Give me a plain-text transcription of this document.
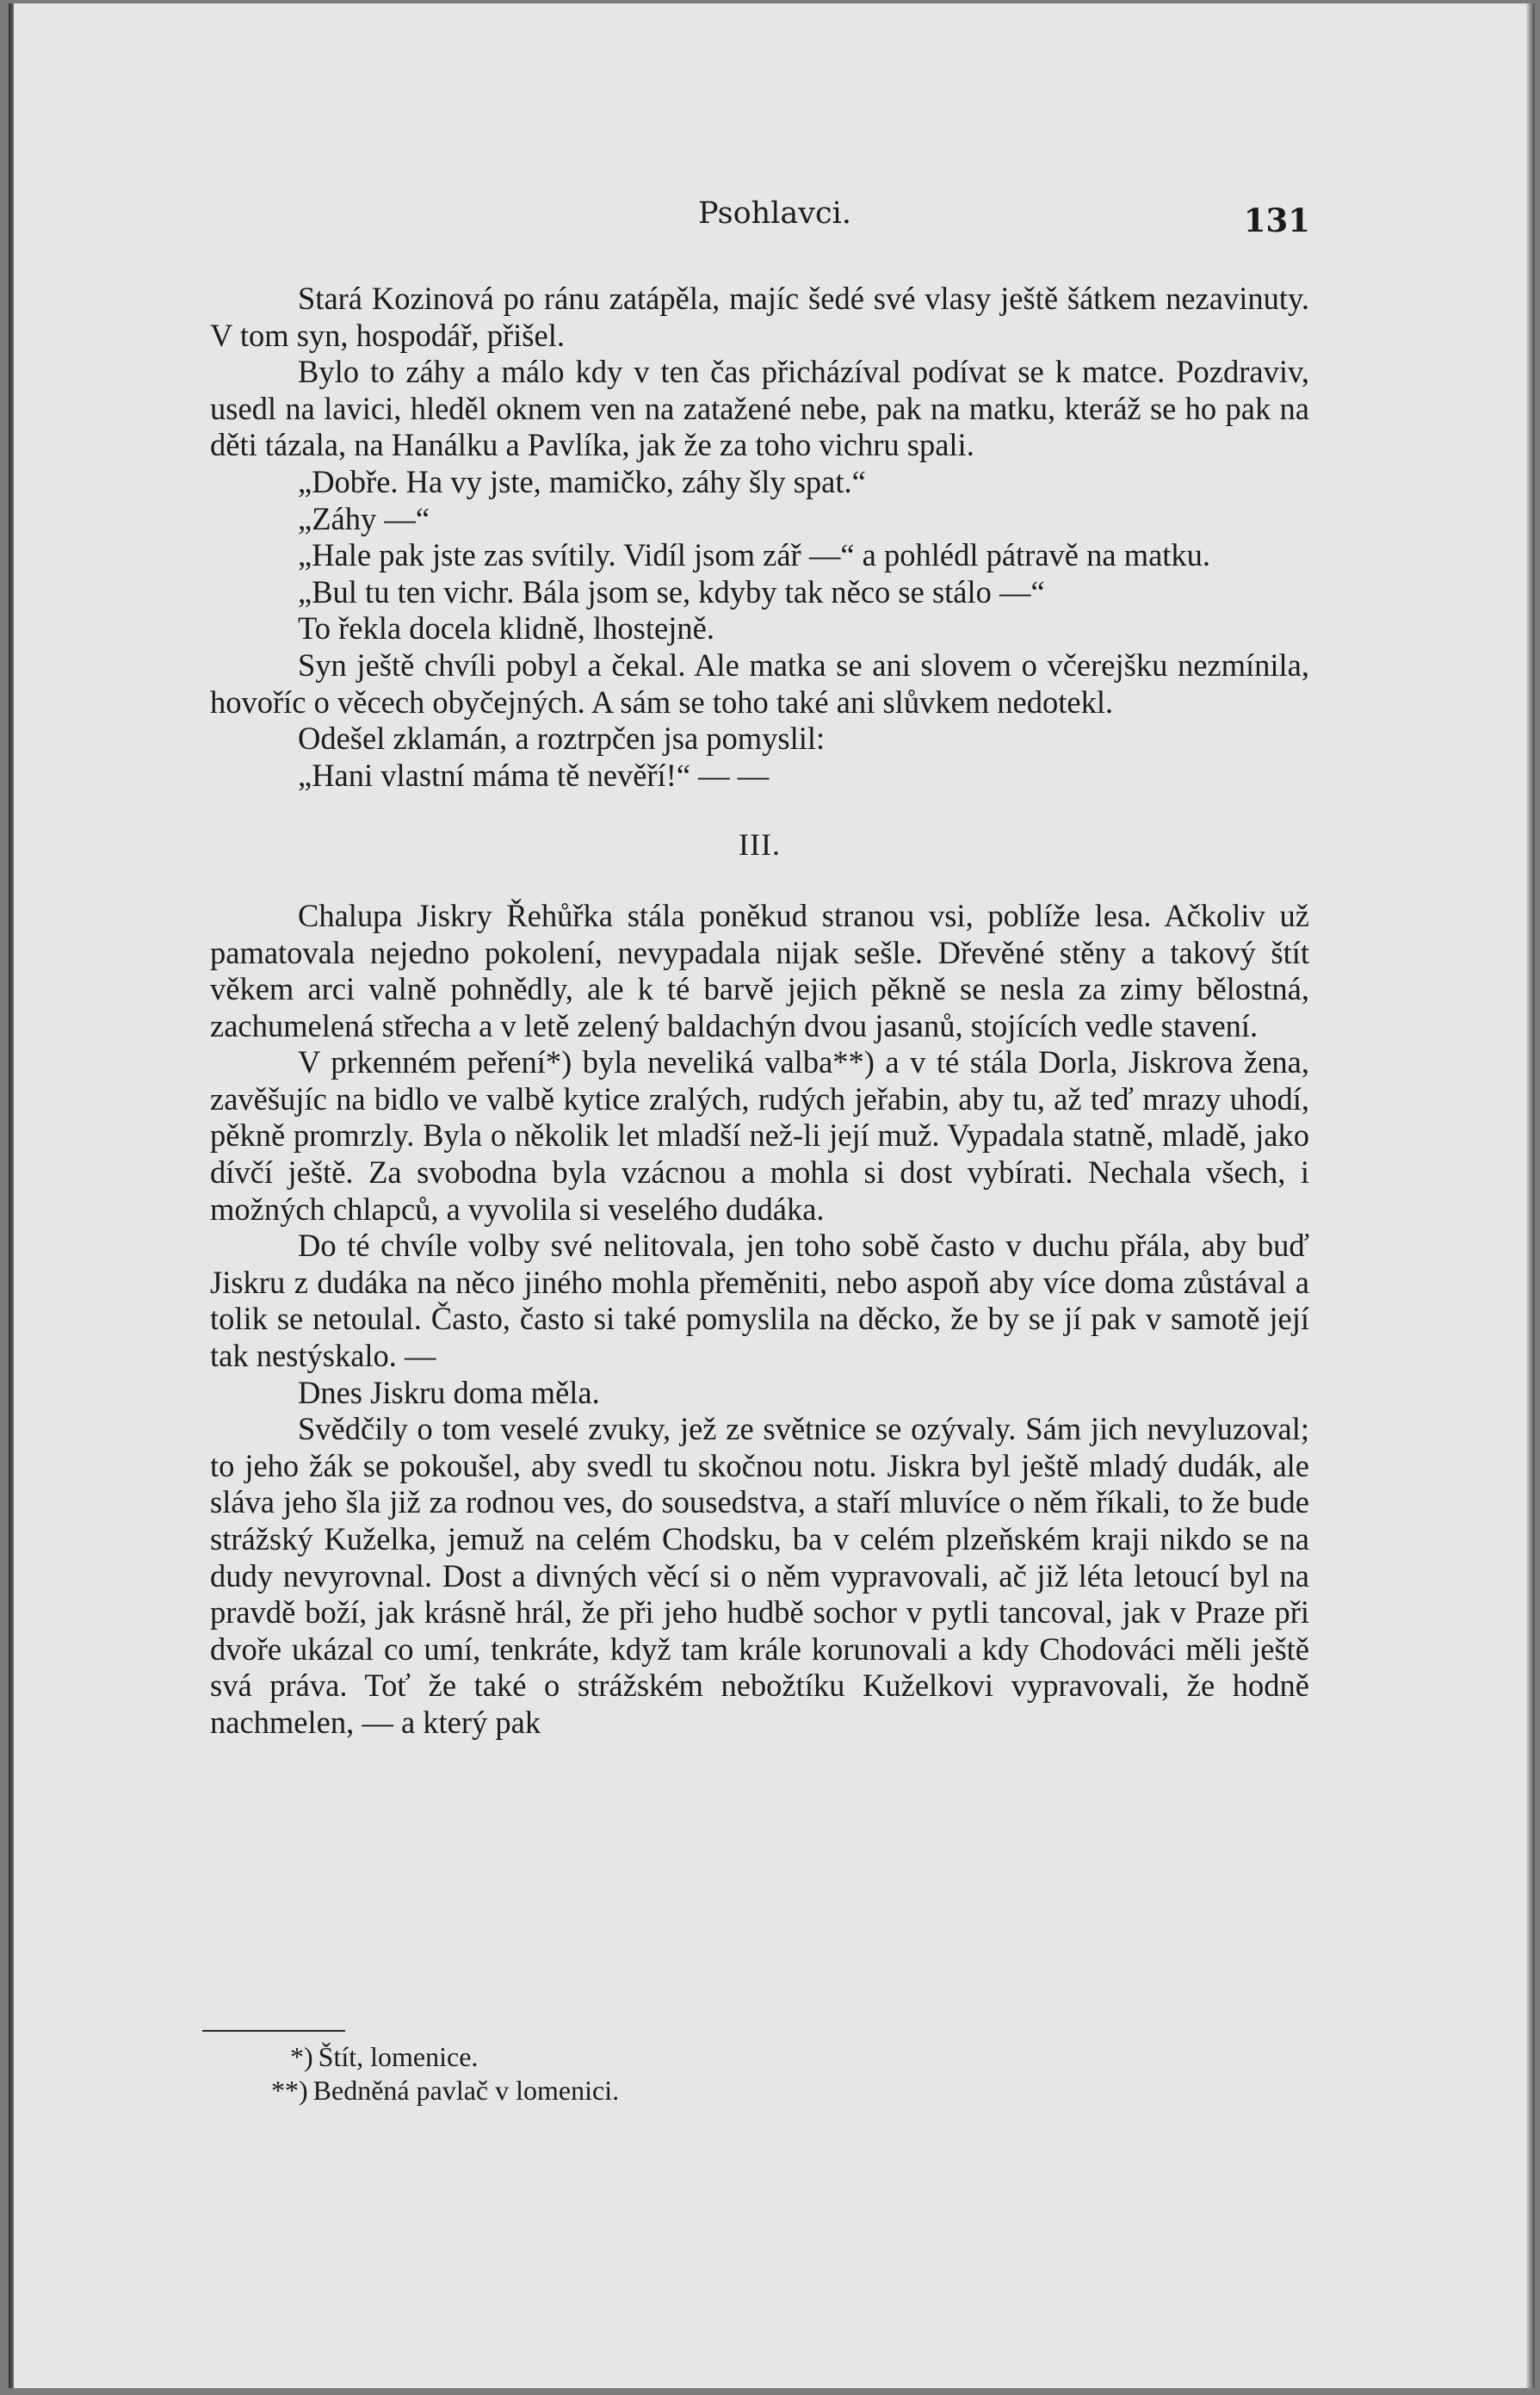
Psohlavci.	131

Stará Kozinová po ránu zatápěla, majíc šedé své vlasy ještě šátkem nezavinuty. V tom syn, hospodář, přišel.

Bylo to záhy a málo kdy v ten čas přicházíval podívat se k matce. Pozdraviv, usedl na lavici, hleděl oknem ven na zatažené nebe, pak na matku, kteráž se ho pak na děti tázala, na Hanálku a Pavlíka, jak že za toho vichru spali.

„Dobře. Ha vy jste, mamičko, záhy šly spat.“

„Záhy —“

„Hale pak jste zas svítily. Vidíl jsom zář —“ a pohlédl pátravě na matku.

„Bul tu ten vichr. Bála jsom se, kdyby tak něco se stálo —“

To řekla docela klidně, lhostejně.

Syn ještě chvíli pobyl a čekal. Ale matka se ani slovem o včerejšku nezmínila, hovoříc o věcech obyčejných. A sám se toho také ani slůvkem nedotekl.

Odešel zklamán, a roztrpčen jsa pomyslil:

„Hani vlastní máma tě nevěří!“ — —

III.

Chalupa Jiskry Řehůřka stála poněkud stranou vsi, poblíže lesa. Ačkoliv už pamatovala nejedno pokolení, nevypadala nijak sešle. Dřevěné stěny a takový štít věkem arci valně pohnědly, ale k té barvě jejich pěkně se nesla za zimy bělostná, zachumelená střecha a v letě zelený baldachýn dvou jasanů, stojících vedle stavení.

V prkenném peření*) byla neveliká valba**) a v té stála Dorla, Jiskrova žena, zavěšujíc na bidlo ve valbě kytice zralých, rudých jeřabin, aby tu, až teď mrazy uhodí, pěkně promrzly. Byla o několik let mladší než-li její muž. Vypadala statně, mladě, jako dívčí ještě. Za svobodna byla vzácnou a mohla si dost vybírati. Nechala všech, i možných chlapců, a vyvolila si veselého dudáka.

Do té chvíle volby své nelitovala, jen toho sobě často v duchu přála, aby buď Jiskru z dudáka na něco jiného mohla přeměniti, nebo aspoň aby více doma zůstával a tolik se netoulal. Často, často si také pomyslila na děcko, že by se jí pak v samotě její tak nestýskalo. —

Dnes Jiskru doma měla.

Svědčily o tom veselé zvuky, jež ze světnice se ozývaly. Sám jich nevyluzoval; to jeho žák se pokoušel, aby svedl tu skočnou notu. Jiskra byl ještě mladý dudák, ale sláva jeho šla již za rodnou ves, do sousedstva, a staří mluvíce o něm říkali, to že bude strážský Kuželka, jemuž na celém Chodsku, ba v celém plzeňském kraji nikdo se na dudy nevyrovnal. Dost a divných věcí si o něm vypravovali, ač již léta letoucí byl na pravdě boží, jak krásně hrál, že při jeho hudbě sochor v pytli tancoval, jak v Praze při dvoře ukázal co umí, tenkráte, když tam krále korunovali a kdy Chodováci měli ještě svá práva. Toť že také o strážském nebožtíku Kuželkovi vypravovali, že hodně nachmelen, — a který pak

*) Štít, lomenice.
**) Bedněná pavlač v lomenici.
